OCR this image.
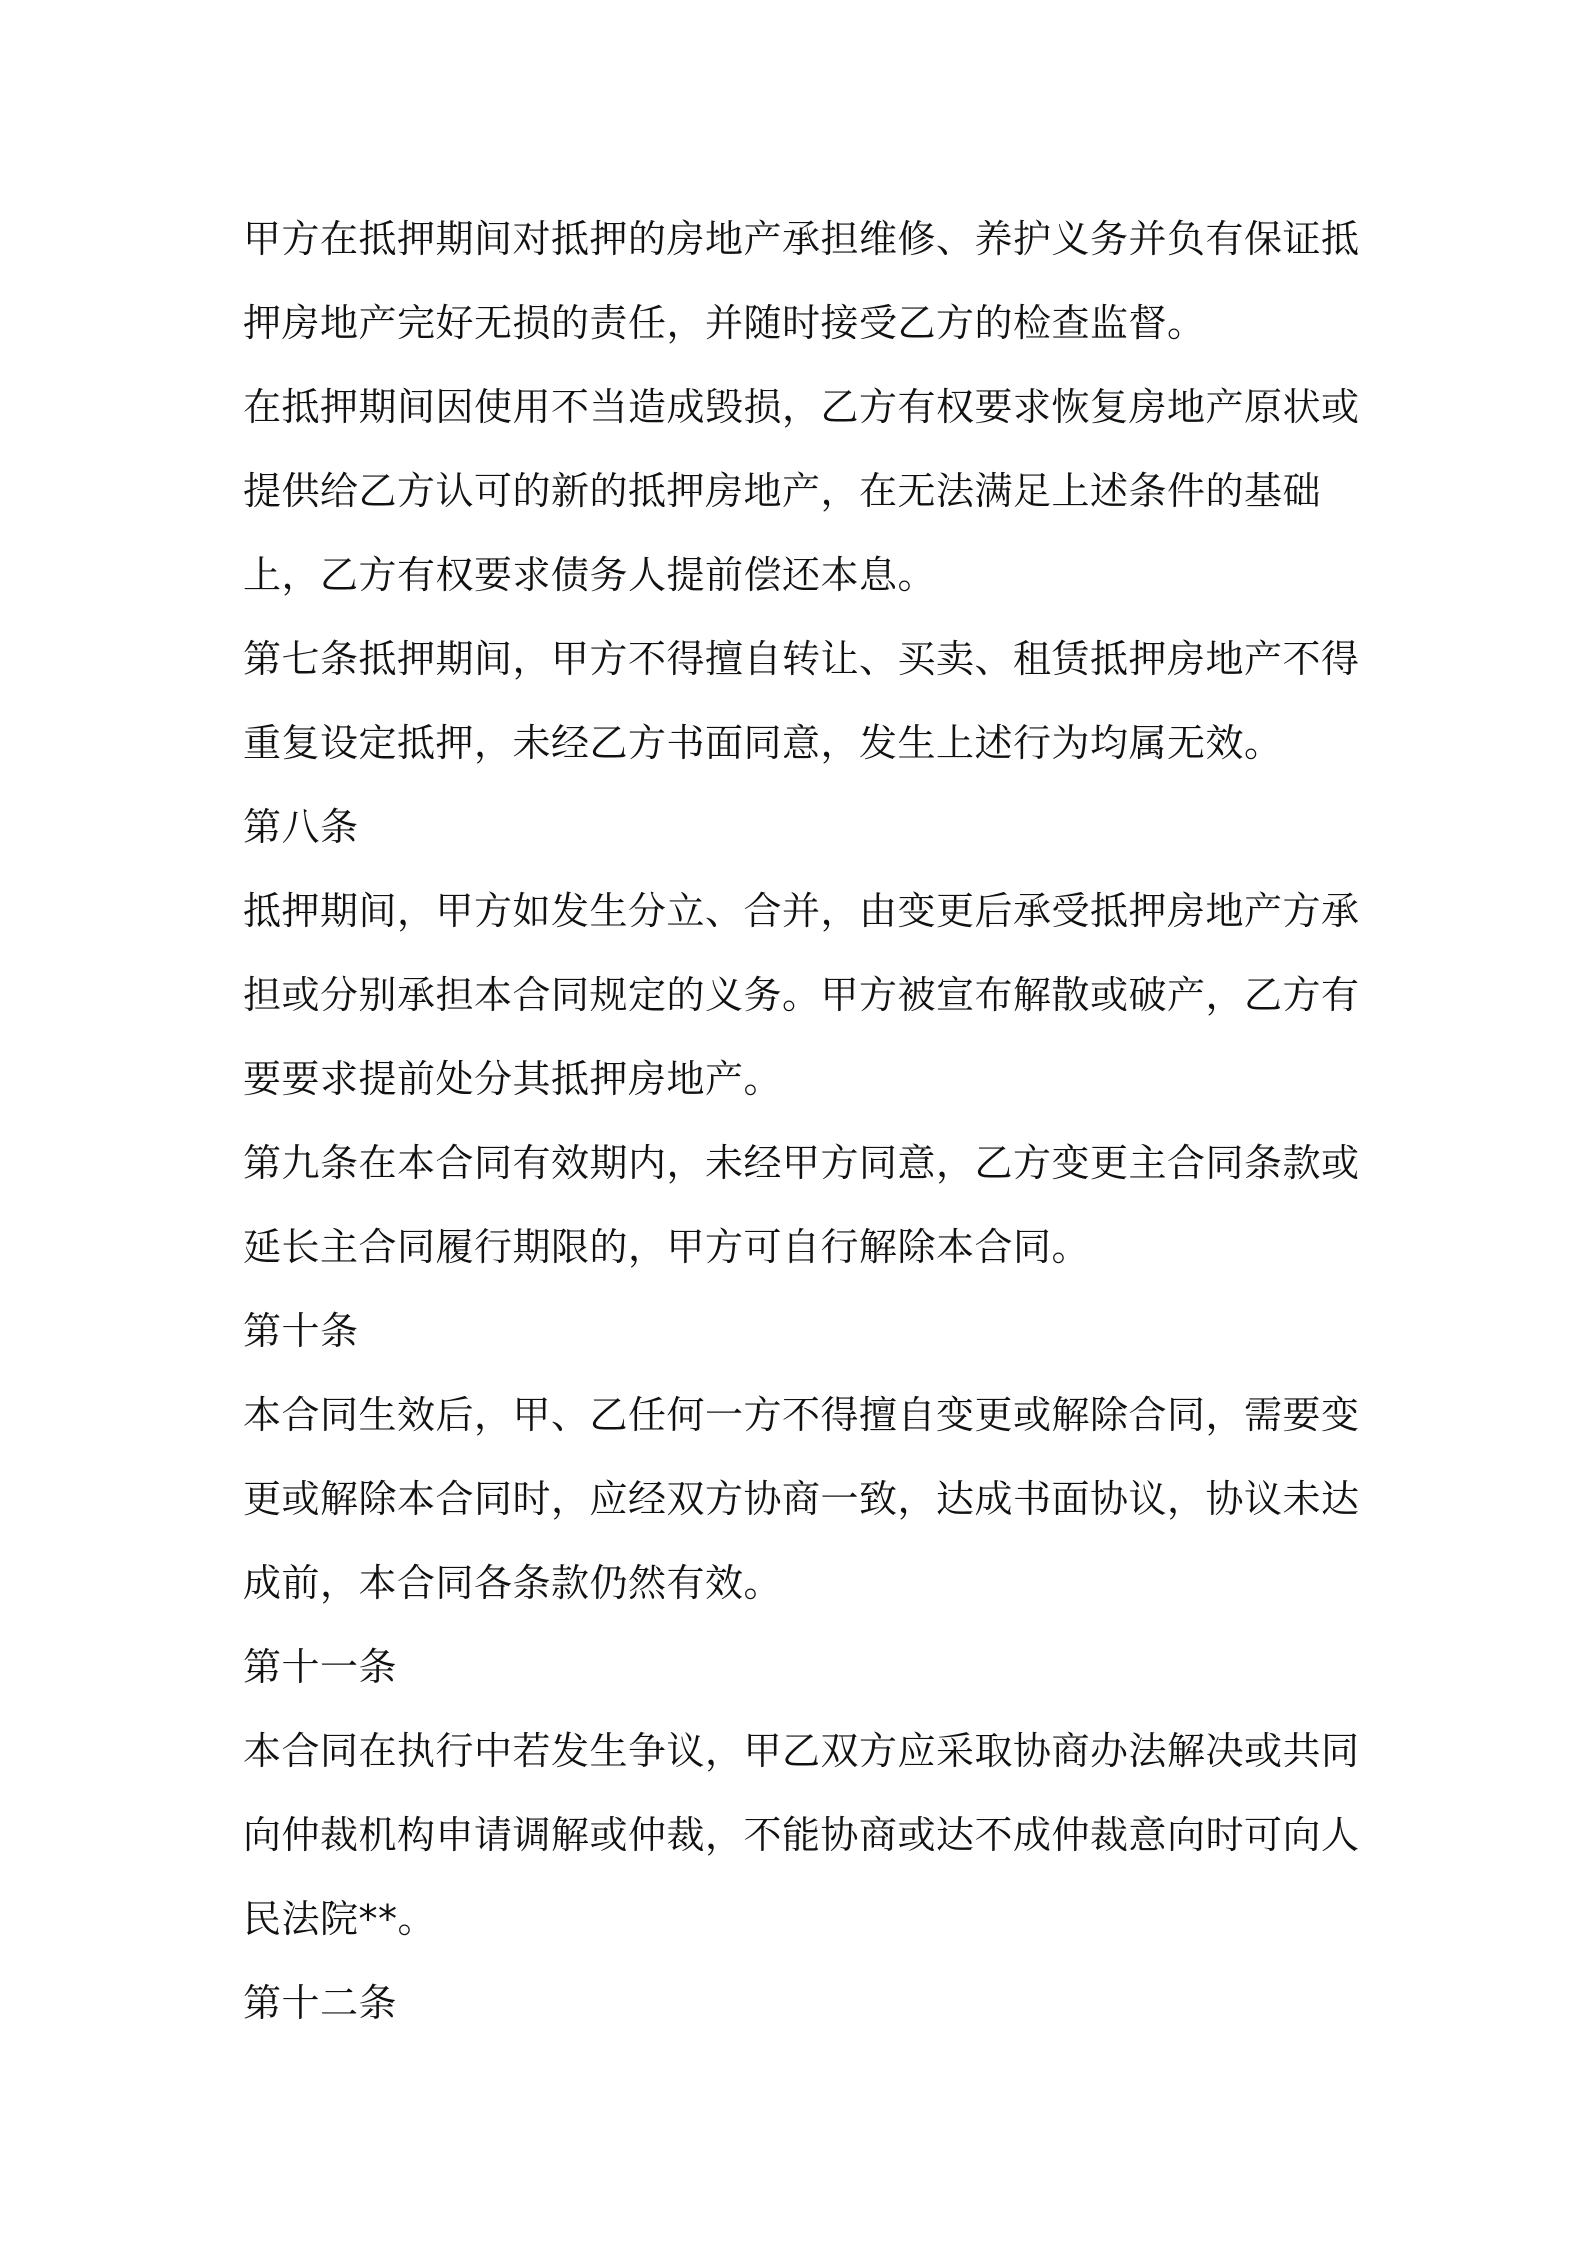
甲方在抵押期间对抵押的房地产承担维修、养护义务并负有保证抵押房地产完好无损的责任，并随时接受乙方的检查监督。

在抵押期间因使用不当造成毁损，乙方有权要求恢复房地产原状或提供给乙方认可的新的抵押房地产，在无法满足上述条件的基础上，乙方有权要求债务人提前偿还本息。

第七条抵押期间，甲方不得擅自转让、买卖、租赁抵押房地产不得重复设定抵押，未经乙方书面同意，发生上述行为均属无效。

第八条

抵押期间，甲方如发生分立、合并，由变更后承受抵押房地产方承担或分别承担本合同规定的义务。甲方被宣布解散或破产，乙方有要要求提前处分其抵押房地产。

第九条在本合同有效期内，未经甲方同意，乙方变更主合同条款或延长主合同履行期限的，甲方可自行解除本合同。

第十条

本合同生效后，甲、乙任何一方不得擅自变更或解除合同，需要变更或解除本合同时，应经双方协商一致，达成书面协议，协议未达成前，本合同各条款仍然有效。

第十一条

本合同在执行中若发生争议，甲乙双方应采取协商办法解决或共同向仲裁机构申请调解或仲裁，不能协商或达不成仲裁意向时可向人民法院**。

第十二条
